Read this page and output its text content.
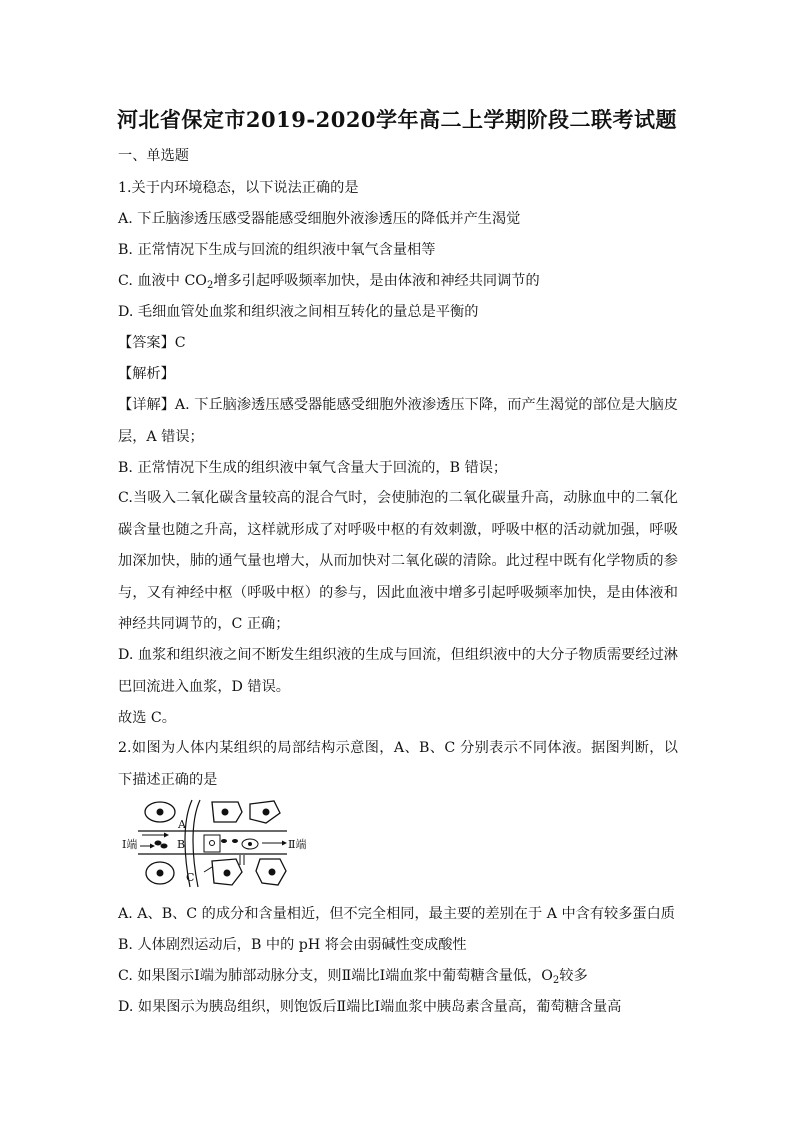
河北省保定市2019-2020学年高二上学期阶段二联考试题
一、单选题
1.关于内环境稳态，以下说法正确的是
A. 下丘脑渗透压感受器能感受细胞外液渗透压的降低并产生渴觉
B. 正常情况下生成与回流的组织液中氧气含量相等
C. 血液中 $CO_2$增多引起呼吸频率加快，是由体液和神经共同调节的
D. 毛细血管处血浆和组织液之间相互转化的量总是平衡的
【答案】C
【解析】
【详解】A. 下丘脑渗透压感受器能感受细胞外液渗透压下降，而产生渴觉的部位是大脑皮层，A 错误；
B. 正常情况下生成的组织液中氧气含量大于回流的，B 错误；
C.当吸入二氧化碳含量较高的混合气时，会使肺泡的二氧化碳量升高，动脉血中的二氧化碳含量也随之升高，这样就形成了对呼吸中枢的有效刺激，呼吸中枢的活动就加强，呼吸加深加快，肺的通气量也增大，从而加快对二氧化碳的清除。此过程中既有化学物质的参与，又有神经中枢（呼吸中枢）的参与，因此血液中增多引起呼吸频率加快，是由体液和神经共同调节的，C 正确；
D. 血浆和组织液之间不断发生组织液的生成与回流，但组织液中的大分子物质需要经过淋巴回流进入血浆，D 错误。
故选 C。
2.如图为人体内某组织的局部结构示意图，A、B、C 分别表示不同体液。据图判断，以下描述正确的是
A
B
C
Ⅰ端	Ⅱ端
A. A、B、C 的成分和含量相近，但不完全相同，最主要的差别在于 A 中含有较多蛋白质
B. 人体剧烈运动后，B 中的 pH 将会由弱碱性变成酸性
C. 如果图示Ⅰ端为肺部动脉分支，则Ⅱ端比Ⅰ端血浆中葡萄糖含量低，$O_2$较多
D. 如果图示为胰岛组织，则饱饭后Ⅱ端比Ⅰ端血浆中胰岛素含量高，葡萄糖含量高
